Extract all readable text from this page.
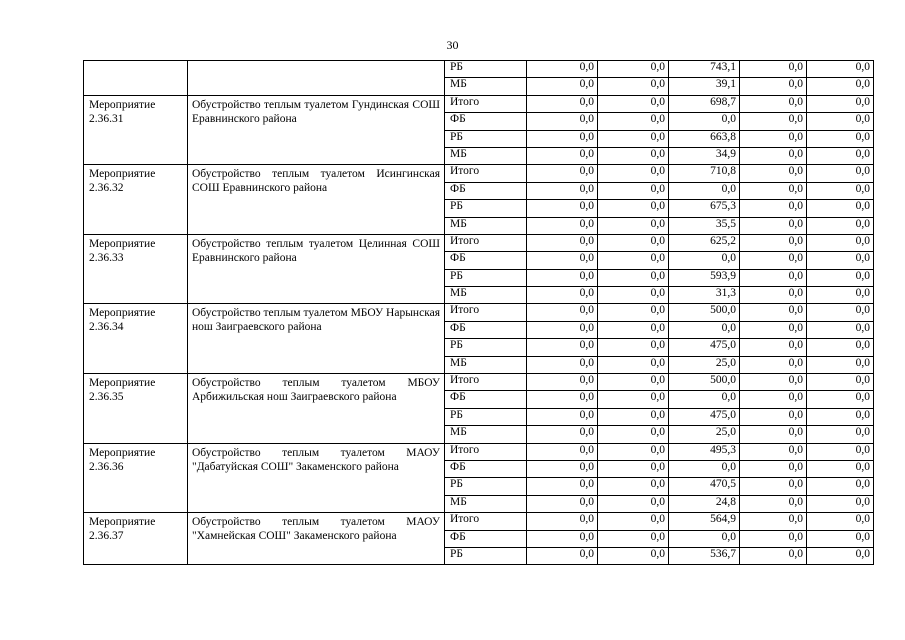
30
		РБ	0,0	0,0	743,1	0,0	0,0
		МБ	0,0	0,0	39,1	0,0	0,0
Мероприятие 2.36.31	Обустройство теплым туалетом Гундинская СОШ Еравнинского района	Итого	0,0	0,0	698,7	0,0	0,0
		ФБ	0,0	0,0	0,0	0,0	0,0
		РБ	0,0	0,0	663,8	0,0	0,0
		МБ	0,0	0,0	34,9	0,0	0,0
Мероприятие 2.36.32	Обустройство теплым туалетом Исингинская СОШ Еравнинского района	Итого	0,0	0,0	710,8	0,0	0,0
		ФБ	0,0	0,0	0,0	0,0	0,0
		РБ	0,0	0,0	675,3	0,0	0,0
		МБ	0,0	0,0	35,5	0,0	0,0
Мероприятие 2.36.33	Обустройство теплым туалетом Целинная СОШ Еравнинского района	Итого	0,0	0,0	625,2	0,0	0,0
		ФБ	0,0	0,0	0,0	0,0	0,0
		РБ	0,0	0,0	593,9	0,0	0,0
		МБ	0,0	0,0	31,3	0,0	0,0
Мероприятие 2.36.34	Обустройство теплым туалетом МБОУ Нарынская нош Заиграевского района	Итого	0,0	0,0	500,0	0,0	0,0
		ФБ	0,0	0,0	0,0	0,0	0,0
		РБ	0,0	0,0	475,0	0,0	0,0
		МБ	0,0	0,0	25,0	0,0	0,0
Мероприятие 2.36.35	Обустройство теплым туалетом МБОУ Арбижильская нош Заиграевского района	Итого	0,0	0,0	500,0	0,0	0,0
		ФБ	0,0	0,0	0,0	0,0	0,0
		РБ	0,0	0,0	475,0	0,0	0,0
		МБ	0,0	0,0	25,0	0,0	0,0
Мероприятие 2.36.36	Обустройство теплым туалетом МАОУ "Дабатуйская СОШ" Закаменского района	Итого	0,0	0,0	495,3	0,0	0,0
		ФБ	0,0	0,0	0,0	0,0	0,0
		РБ	0,0	0,0	470,5	0,0	0,0
		МБ	0,0	0,0	24,8	0,0	0,0
Мероприятие 2.36.37	Обустройство теплым туалетом МАОУ "Хамнейская СОШ" Закаменского района	Итого	0,0	0,0	564,9	0,0	0,0
		ФБ	0,0	0,0	0,0	0,0	0,0
		РБ	0,0	0,0	536,7	0,0	0,0
